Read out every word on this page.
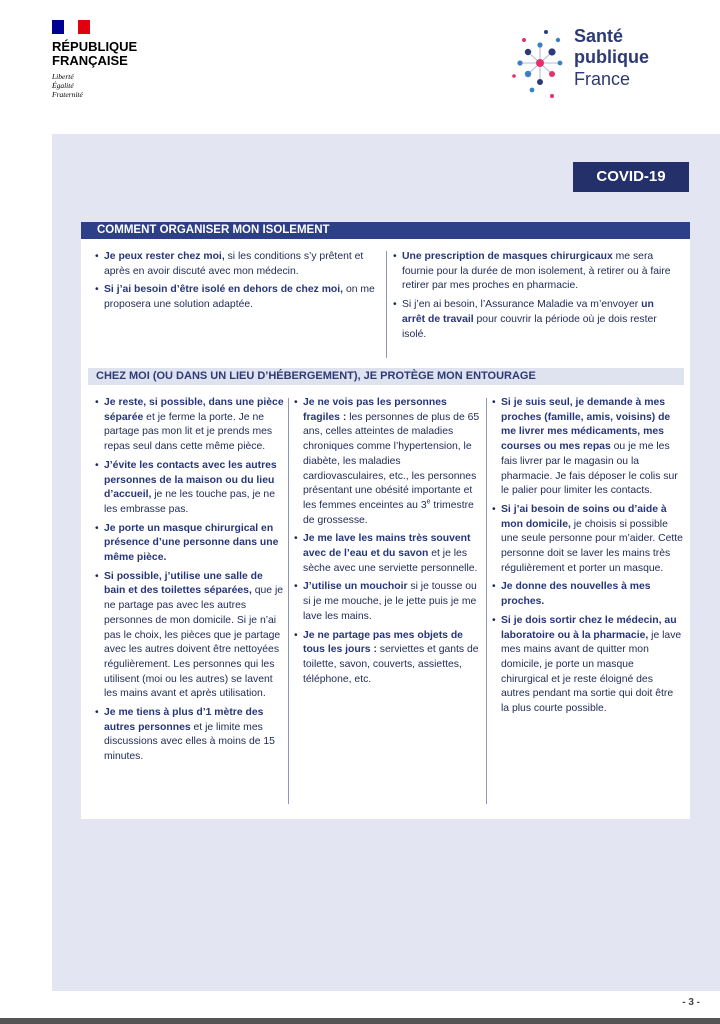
RÉPUBLIQUE
FRANÇAISE
Liberté
Égalité
Fraternité
Santé
publique
France
COVID-19
COMMENT ORGANISER MON ISOLEMENT

• Je peux rester chez moi, si les conditions s’y prêtent et après en avoir discuté avec mon médecin.

• Si j’ai besoin d’être isolé en dehors de chez moi, on me proposera une solution adaptée.

• Une prescription de masques chirurgicaux me sera fournie pour la durée de mon isolement, à retirer ou à faire retirer par mes proches en pharmacie.

• Si j’en ai besoin, l’Assurance Maladie va m’envoyer un arrêt de travail pour couvrir la période où je dois rester isolé.

CHEZ MOI (OU DANS UN LIEU D’HÉBERGEMENT), JE PROTÈGE MON ENTOURAGE

• Je reste, si possible, dans une pièce séparée et je ferme la porte. Je ne partage pas mon lit et je prends mes repas seul dans cette même pièce.

• J’évite les contacts avec les autres personnes de la maison ou du lieu d’accueil, je ne les touche pas, je ne les embrasse pas.

• Je porte un masque chirurgical en présence d’une personne dans une même pièce.

• Si possible, j’utilise une salle de bain et des toilettes séparées, que je ne partage pas avec les autres personnes de mon domicile. Si je n’ai pas le choix, les pièces que je partage avec les autres doivent être nettoyées régulièrement. Les personnes qui les utilisent (moi ou les autres) se lavent les mains avant et après utilisation.

• Je me tiens à plus d’1 mètre des autres personnes et je limite mes discussions avec elles à moins de 15 minutes.

• Je ne vois pas les personnes fragiles : les personnes de plus de 65 ans, celles atteintes de maladies chroniques comme l’hypertension, le diabète, les maladies cardiovasculaires, etc., les personnes présentant une obésité importante et les femmes enceintes au 3e trimestre de grossesse.

• Je me lave les mains très souvent avec de l’eau et du savon et je les sèche avec une serviette personnelle.

• J’utilise un mouchoir si je tousse ou si je me mouche, je le jette puis je me lave les mains.

• Je ne partage pas mes objets de tous les jours : serviettes et gants de toilette, savon, couverts, assiettes, téléphone, etc.

• Si je suis seul, je demande à mes proches (famille, amis, voisins) de me livrer mes médicaments, mes courses ou mes repas ou je me les fais livrer par le magasin ou la pharmacie. Je fais déposer le colis sur le palier pour limiter les contacts.

• Si j’ai besoin de soins ou d’aide à mon domicile, je choisis si possible une seule personne pour m’aider. Cette personne doit se laver les mains très régulièrement et porter un masque.

• Je donne des nouvelles à mes proches.

• Si je dois sortir chez le médecin, au laboratoire ou à la pharmacie, je lave mes mains avant de quitter mon domicile, je porte un masque chirurgical et je reste éloigné des autres pendant ma sortie qui doit être la plus courte possible.

- 3 -
